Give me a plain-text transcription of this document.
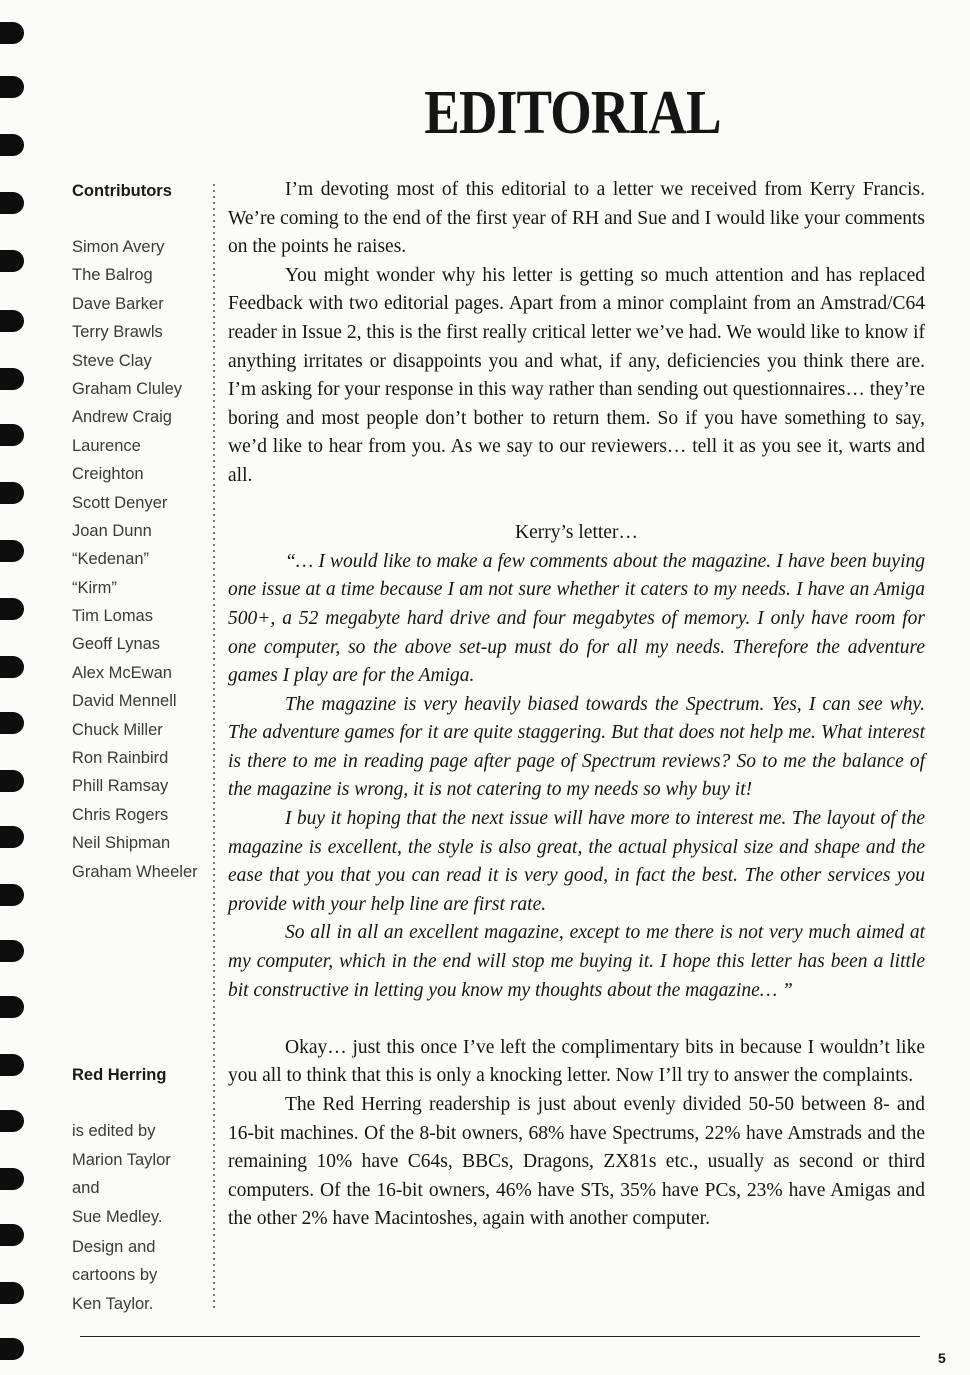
EDITORIAL
Contributors
Simon Avery
The Balrog
Dave Barker
Terry Brawls
Steve Clay
Graham Cluley
Andrew Craig
Laurence
Creighton
Scott Denyer
Joan Dunn
“Kedenan”
“Kirm”
Tim Lomas
Geoff Lynas
Alex McEwan
David Mennell
Chuck Miller
Ron Rainbird
Phill Ramsay
Chris Rogers
Neil Shipman
Graham Wheeler
Red Herring
is edited by
Marion Taylor
and
Sue Medley.
Design and
cartoons by
Ken Taylor.

I’m devoting most of this editorial to a letter we received from Kerry Francis. We’re coming to the end of the first year of RH and Sue and I would like your comments on the points he raises.

You might wonder why his letter is getting so much attention and has replaced Feedback with two editorial pages. Apart from a minor complaint from an Amstrad/C64 reader in Issue 2, this is the first really critical letter we’ve had. We would like to know if anything irritates or disappoints you and what, if any, deficiencies you think there are. I’m asking for your response in this way rather than sending out questionnaires… they’re boring and most people don’t bother to return them. So if you have something to say, we’d like to hear from you. As we say to our reviewers… tell it as you see it, warts and all.

Kerry’s letter…

“… I would like to make a few comments about the magazine. I have been buying one issue at a time because I am not sure whether it caters to my needs. I have an Amiga 500+, a 52 megabyte hard drive and four megabytes of memory. I only have room for one computer, so the above set-up must do for all my needs. Therefore the adventure games I play are for the Amiga.

The magazine is very heavily biased towards the Spectrum. Yes, I can see why. The adventure games for it are quite staggering. But that does not help me. What interest is there to me in reading page after page of Spectrum reviews? So to me the balance of the magazine is wrong, it is not catering to my needs so why buy it!

I buy it hoping that the next issue will have more to interest me. The layout of the magazine is excellent, the style is also great, the actual physical size and shape and the ease that you that you can read it is very good, in fact the best. The other services you provide with your help line are first rate.

So all in all an excellent magazine, except to me there is not very much aimed at my computer, which in the end will stop me buying it. I hope this letter has been a little bit constructive in letting you know my thoughts about the magazine… ”

Okay… just this once I’ve left the complimentary bits in because I wouldn’t like you all to think that this is only a knocking letter. Now I’ll try to answer the complaints.

The Red Herring readership is just about evenly divided 50-50 between 8- and 16-bit machines. Of the 8-bit owners, 68% have Spectrums, 22% have Amstrads and the remaining 10% have C64s, BBCs, Dragons, ZX81s etc., usually as second or third computers. Of the 16-bit owners, 46% have STs, 35% have PCs, 23% have Amigas and the other 2% have Macintoshes, again with another computer.

5
